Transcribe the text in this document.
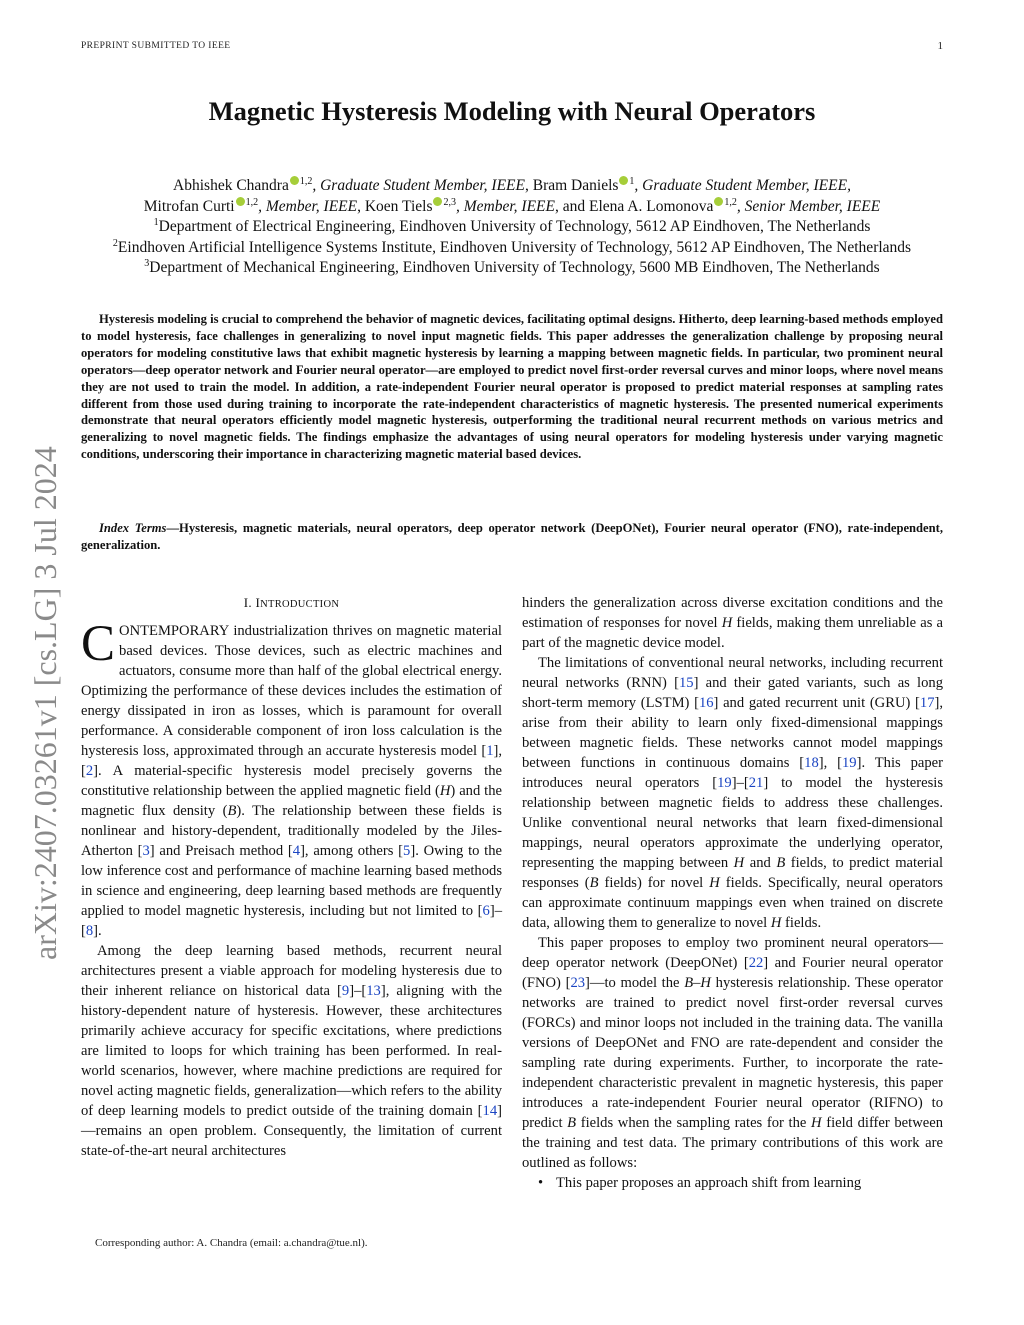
PREPRINT SUBMITTED TO IEEE	1
arXiv:2407.03261v1 [cs.LG] 3 Jul 2024
Magnetic Hysteresis Modeling with Neural Operators
Abhishek Chandra $^{1,2}$, Graduate Student Member, IEEE, Bram Daniels $^1$, Graduate Student Member, IEEE,
Mitrofan Curti $^{1,2}$, Member, IEEE, Koen Tiels $^{2,3}$, Member, IEEE, and Elena A. Lomonova $^{1,2}$, Senior Member, IEEE
$^1$Department of Electrical Engineering, Eindhoven University of Technology, 5612 AP Eindhoven, The Netherlands
$^2$Eindhoven Artificial Intelligence Systems Institute, Eindhoven University of Technology, 5612 AP Eindhoven, The Netherlands
$^3$Department of Mechanical Engineering, Eindhoven University of Technology, 5600 MB Eindhoven, The Netherlands
Hysteresis modeling is crucial to comprehend the behavior of magnetic devices, facilitating optimal designs. Hitherto, deep learning-based methods employed to model hysteresis, face challenges in generalizing to novel input magnetic fields. This paper addresses the generalization challenge by proposing neural operators for modeling constitutive laws that exhibit magnetic hysteresis by learning a mapping between magnetic fields. In particular, two prominent neural operators—deep operator network and Fourier neural operator—are employed to predict novel first-order reversal curves and minor loops, where novel means they are not used to train the model. In addition, a rate-independent Fourier neural operator is proposed to predict material responses at sampling rates different from those used during training to incorporate the rate-independent characteristics of magnetic hysteresis. The presented numerical experiments demonstrate that neural operators efficiently model magnetic hysteresis, outperforming the traditional neural recurrent methods on various metrics and generalizing to novel magnetic fields. The findings emphasize the advantages of using neural operators for modeling hysteresis under varying magnetic conditions, underscoring their importance in characterizing magnetic material based devices.
Index Terms—Hysteresis, magnetic materials, neural operators, deep operator network (DeepONet), Fourier neural operator (FNO), rate-independent, generalization.
I. INTRODUCTION

CONTEMPORARY industrialization thrives on magnetic material based devices. Those devices, such as electric machines and actuators, consume more than half of the global electrical energy. Optimizing the performance of these devices includes the estimation of energy dissipated in iron as losses, which is paramount for overall performance. A considerable component of iron loss calculation is the hysteresis loss, approximated through an accurate hysteresis model [1], [2]. A material-specific hysteresis model precisely governs the constitutive relationship between the applied magnetic field (H) and the magnetic flux density (B). The relationship between these fields is nonlinear and history-dependent, traditionally modeled by the Jiles-Atherton [3] and Preisach method [4], among others [5]. Owing to the low inference cost and performance of machine learning based methods in science and engineering, deep learning based methods are frequently applied to model magnetic hysteresis, including but not limited to [6]–[8].

Among the deep learning based methods, recurrent neural architectures present a viable approach for modeling hysteresis due to their inherent reliance on historical data [9]–[13], aligning with the history-dependent nature of hysteresis. However, these architectures primarily achieve accuracy for specific excitations, where predictions are limited to loops for which training has been performed. In real-world scenarios, however, where machine predictions are required for novel acting magnetic fields, generalization—which refers to the ability of deep learning models to predict outside of the training domain [14]—remains an open problem. Consequently, the limitation of current state-of-the-art neural architectures

hinders the generalization across diverse excitation conditions and the estimation of responses for novel H fields, making them unreliable as a part of the magnetic device model.

The limitations of conventional neural networks, including recurrent neural networks (RNN) [15] and their gated variants, such as long short-term memory (LSTM) [16] and gated recurrent unit (GRU) [17], arise from their ability to learn only fixed-dimensional mappings between magnetic fields. These networks cannot model mappings between functions in continuous domains [18], [19]. This paper introduces neural operators [19]–[21] to model the hysteresis relationship between magnetic fields to address these challenges. Unlike conventional neural networks that learn fixed-dimensional mappings, neural operators approximate the underlying operator, representing the mapping between H and B fields, to predict material responses (B fields) for novel H fields. Specifically, neural operators can approximate continuum mappings even when trained on discrete data, allowing them to generalize to novel H fields.

This paper proposes to employ two prominent neural operators—deep operator network (DeepONet) [22] and Fourier neural operator (FNO) [23]—to model the B–H hysteresis relationship. These operator networks are trained to predict novel first-order reversal curves (FORCs) and minor loops not included in the training data. The vanilla versions of DeepONet and FNO are rate-dependent and consider the sampling rate during experiments. Further, to incorporate the rate-independent characteristic prevalent in magnetic hysteresis, this paper introduces a rate-independent Fourier neural operator (RIFNO) to predict B fields when the sampling rates for the H field differ between the training and test data. The primary contributions of this work are outlined as follows:

• This paper proposes an approach shift from learning

Corresponding author: A. Chandra (email: a.chandra@tue.nl).
